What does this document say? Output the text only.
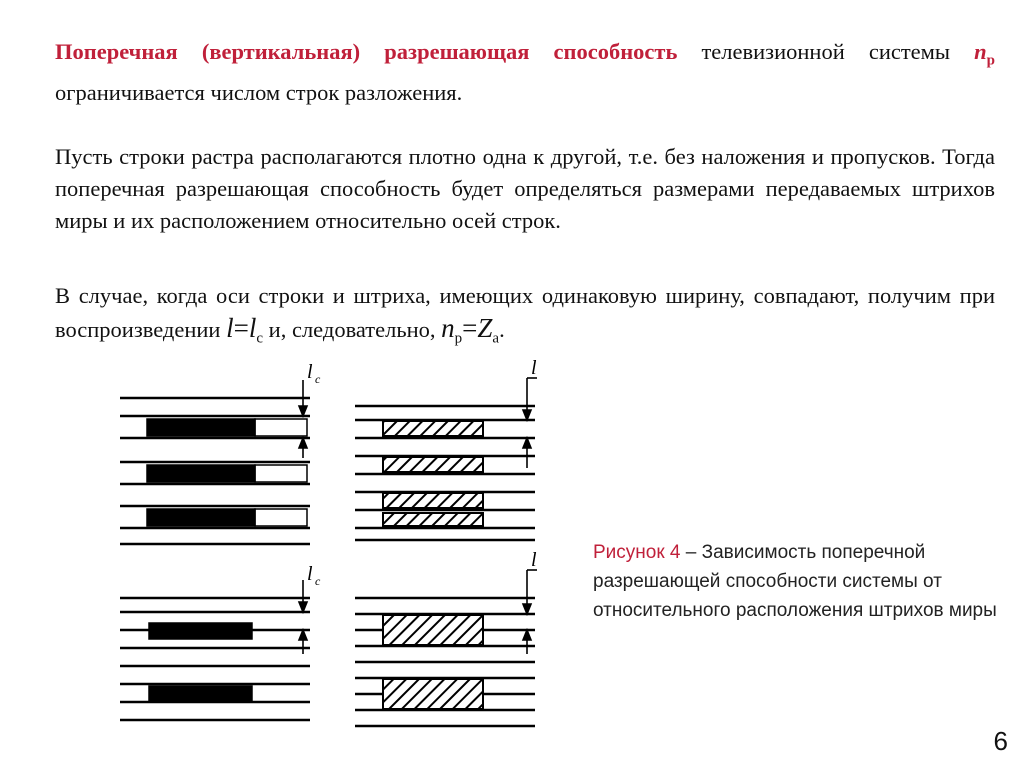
Поперечная (вертикальная) разрешающая способность телевизионной системы $n_p$ ограничивается числом строк разложения.
Пусть строки растра располагаются плотно одна к другой, т.е. без наложения и пропусков. Тогда поперечная разрешающая способность будет определяться размерами передаваемых штрихов миры и их расположением относительно осей строк.
В случае, когда оси строки и штриха, имеющих одинаковую ширину, совпадают, получим при воспроизведении $l=l_c$ и, следовательно, $n_p=Z_a$.
l c	l
l c
l	Рисунок 4 – Зависимость поперечной разрешающей способности системы от относительного расположения штрихов миры
6
